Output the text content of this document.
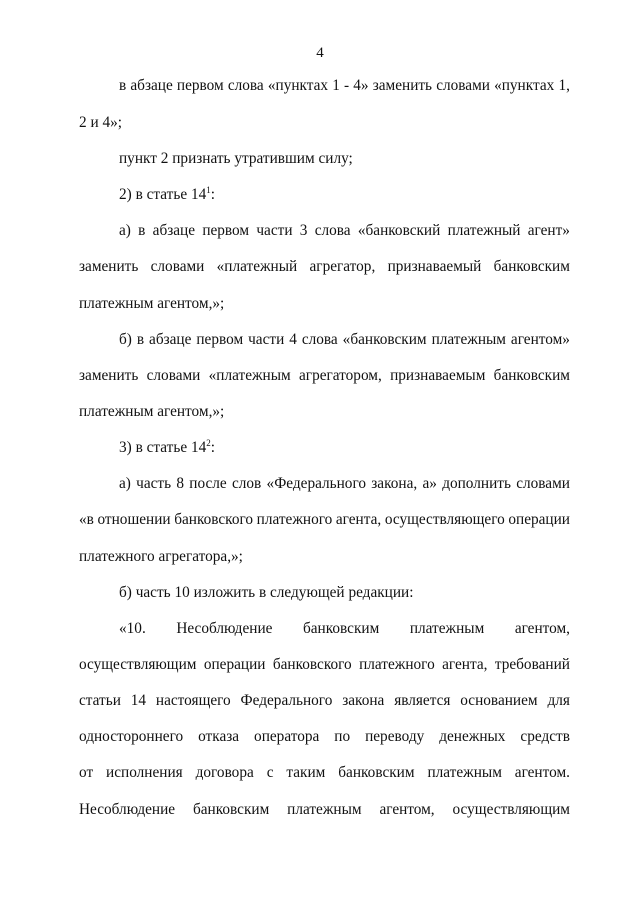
4
в абзаце первом слова «пунктах 1 - 4» заменить словами «пунктах 1,
2 и 4»;
пункт 2 признать утратившим силу;
2) в статье $14^1$:
а) в абзаце первом части 3 слова «банковский платежный агент»
заменить словами «платежный агрегатор, признаваемый банковским
платежным агентом,»;
б) в абзаце первом части 4 слова «банковским платежным агентом»
заменить словами «платежным агрегатором, признаваемым банковским
платежным агентом,»;
3) в статье $14^2$:
а) часть 8 после слов «Федерального закона, а» дополнить словами
«в отношении банковского платежного агента, осуществляющего операции
платежного агрегатора,»;
б) часть 10 изложить в следующей редакции:
«10. Несоблюдение банковским платежным агентом,
осуществляющим операции банковского платежного агента, требований
статьи 14 настоящего Федерального закона является основанием для
одностороннего отказа оператора по переводу денежных средств
от исполнения договора с таким банковским платежным агентом.
Несоблюдение банковским платежным агентом, осуществляющим
